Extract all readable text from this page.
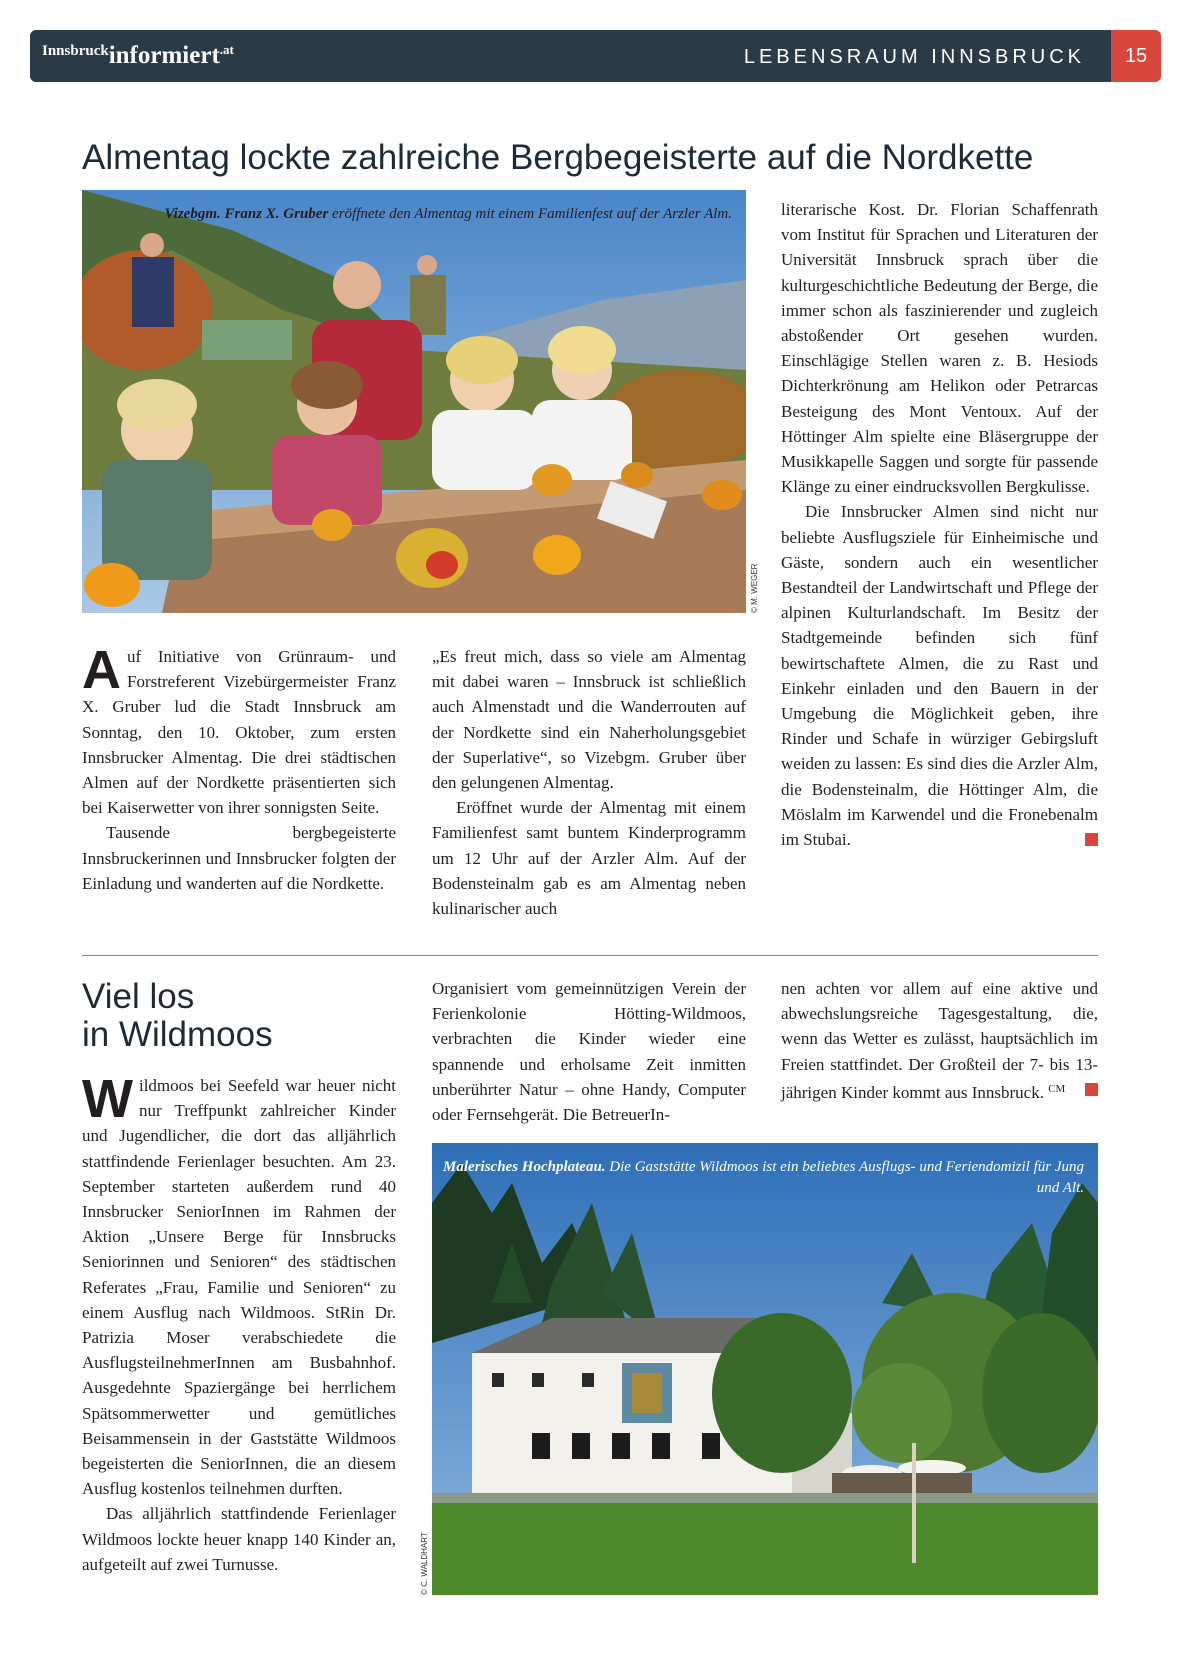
Innsbruckinformiert$^{.at}$	LEBENSRAUM INNSBRUCK	15
Almentag lockte zahlreiche Bergbegeisterte auf die Nordkette
Vizebgm. Franz X. Gruber eröffnete den Almentag mit einem Familienfest auf der Arzler Alm.
© M. WEGER

Auf Initiative von Grünraum- und Forstreferent Vizebürgermeister Franz X. Gruber lud die Stadt Innsbruck am Sonntag, den 10. Oktober, zum ersten Innsbrucker Almentag. Die drei städtischen Almen auf der Nordkette präsentierten sich bei Kaiserwetter von ihrer sonnigsten Seite.

Tausende bergbegeisterte Innsbruckerinnen und Innsbrucker folgten der Einladung und wanderten auf die Nordkette.

„Es freut mich, dass so viele am Almentag mit dabei waren – Innsbruck ist schließlich auch Almenstadt und die Wanderrouten auf der Nordkette sind ein Naherholungsgebiet der Superlative“, so Vizebgm. Gruber über den gelungenen Almentag.

Eröffnet wurde der Almentag mit einem Familienfest samt buntem Kinderprogramm um 12 Uhr auf der Arzler Alm. Auf der Bodensteinalm gab es am Almentag neben kulinarischer auch

literarische Kost. Dr. Florian Schaffenrath vom Institut für Sprachen und Literaturen der Universität Innsbruck sprach über die kulturgeschichtliche Bedeutung der Berge, die immer schon als faszinierender und zugleich abstoßender Ort gesehen wurden. Einschlägige Stellen waren z. B. Hesiods Dichterkrönung am Helikon oder Petrarcas Besteigung des Mont Ventoux. Auf der Höttinger Alm spielte eine Bläsergruppe der Musikkapelle Saggen und sorgte für passende Klänge zu einer eindrucksvollen Bergkulisse.

Die Innsbrucker Almen sind nicht nur beliebte Ausflugsziele für Einheimische und Gäste, sondern auch ein wesentlicher Bestandteil der Landwirtschaft und Pflege der alpinen Kulturlandschaft. Im Besitz der Stadtgemeinde befinden sich fünf bewirtschaftete Almen, die zu Rast und Einkehr einladen und den Bauern in der Umgebung die Möglichkeit geben, ihre Rinder und Schafe in würziger Gebirgsluft weiden zu lassen: Es sind dies die Arzler Alm, die Bodensteinalm, die Höttinger Alm, die Möslalm im Karwendel und die Fronebenalm im Stubai.

Viel los
in Wildmoos

Wildmoos bei Seefeld war heuer nicht nur Treffpunkt zahlreicher Kinder und Jugendlicher, die dort das alljährlich stattfindende Ferienlager besuchten. Am 23. September starteten außerdem rund 40 Innsbrucker SeniorInnen im Rahmen der Aktion „Unsere Berge für Innsbrucks Seniorinnen und Senioren“ des städtischen Referates „Frau, Familie und Senioren“ zu einem Ausflug nach Wildmoos. StRin Dr. Patrizia Moser verabschiedete die AusflugsteilnehmerInnen am Busbahnhof. Ausgedehnte Spaziergänge bei herrlichem Spätsommerwetter und gemütliches Beisammensein in der Gaststätte Wildmoos begeisterten die SeniorInnen, die an diesem Ausflug kostenlos teilnehmen durften.

Das alljährlich stattfindende Ferienlager Wildmoos lockte heuer knapp 140 Kinder an, aufgeteilt auf zwei Turnusse.

Organisiert vom gemeinnützigen Verein der Ferienkolonie Hötting-Wildmoos, verbrachten die Kinder wieder eine spannende und erholsame Zeit inmitten unberührter Natur – ohne Handy, Computer oder Fernsehgerät. Die BetreuerIn-

nen achten vor allem auf eine aktive und abwechslungsreiche Tagesgestaltung, die, wenn das Wetter es zulässt, hauptsächlich im Freien stattfindet. Der Großteil der 7- bis 13-jährigen Kinder kommt aus Innsbruck. $^{CM}$

Malerisches Hochplateau. Die Gaststätte Wildmoos ist ein beliebtes Ausflugs- und Feriendomizil für Jung und Alt.
© C. WALDHART
